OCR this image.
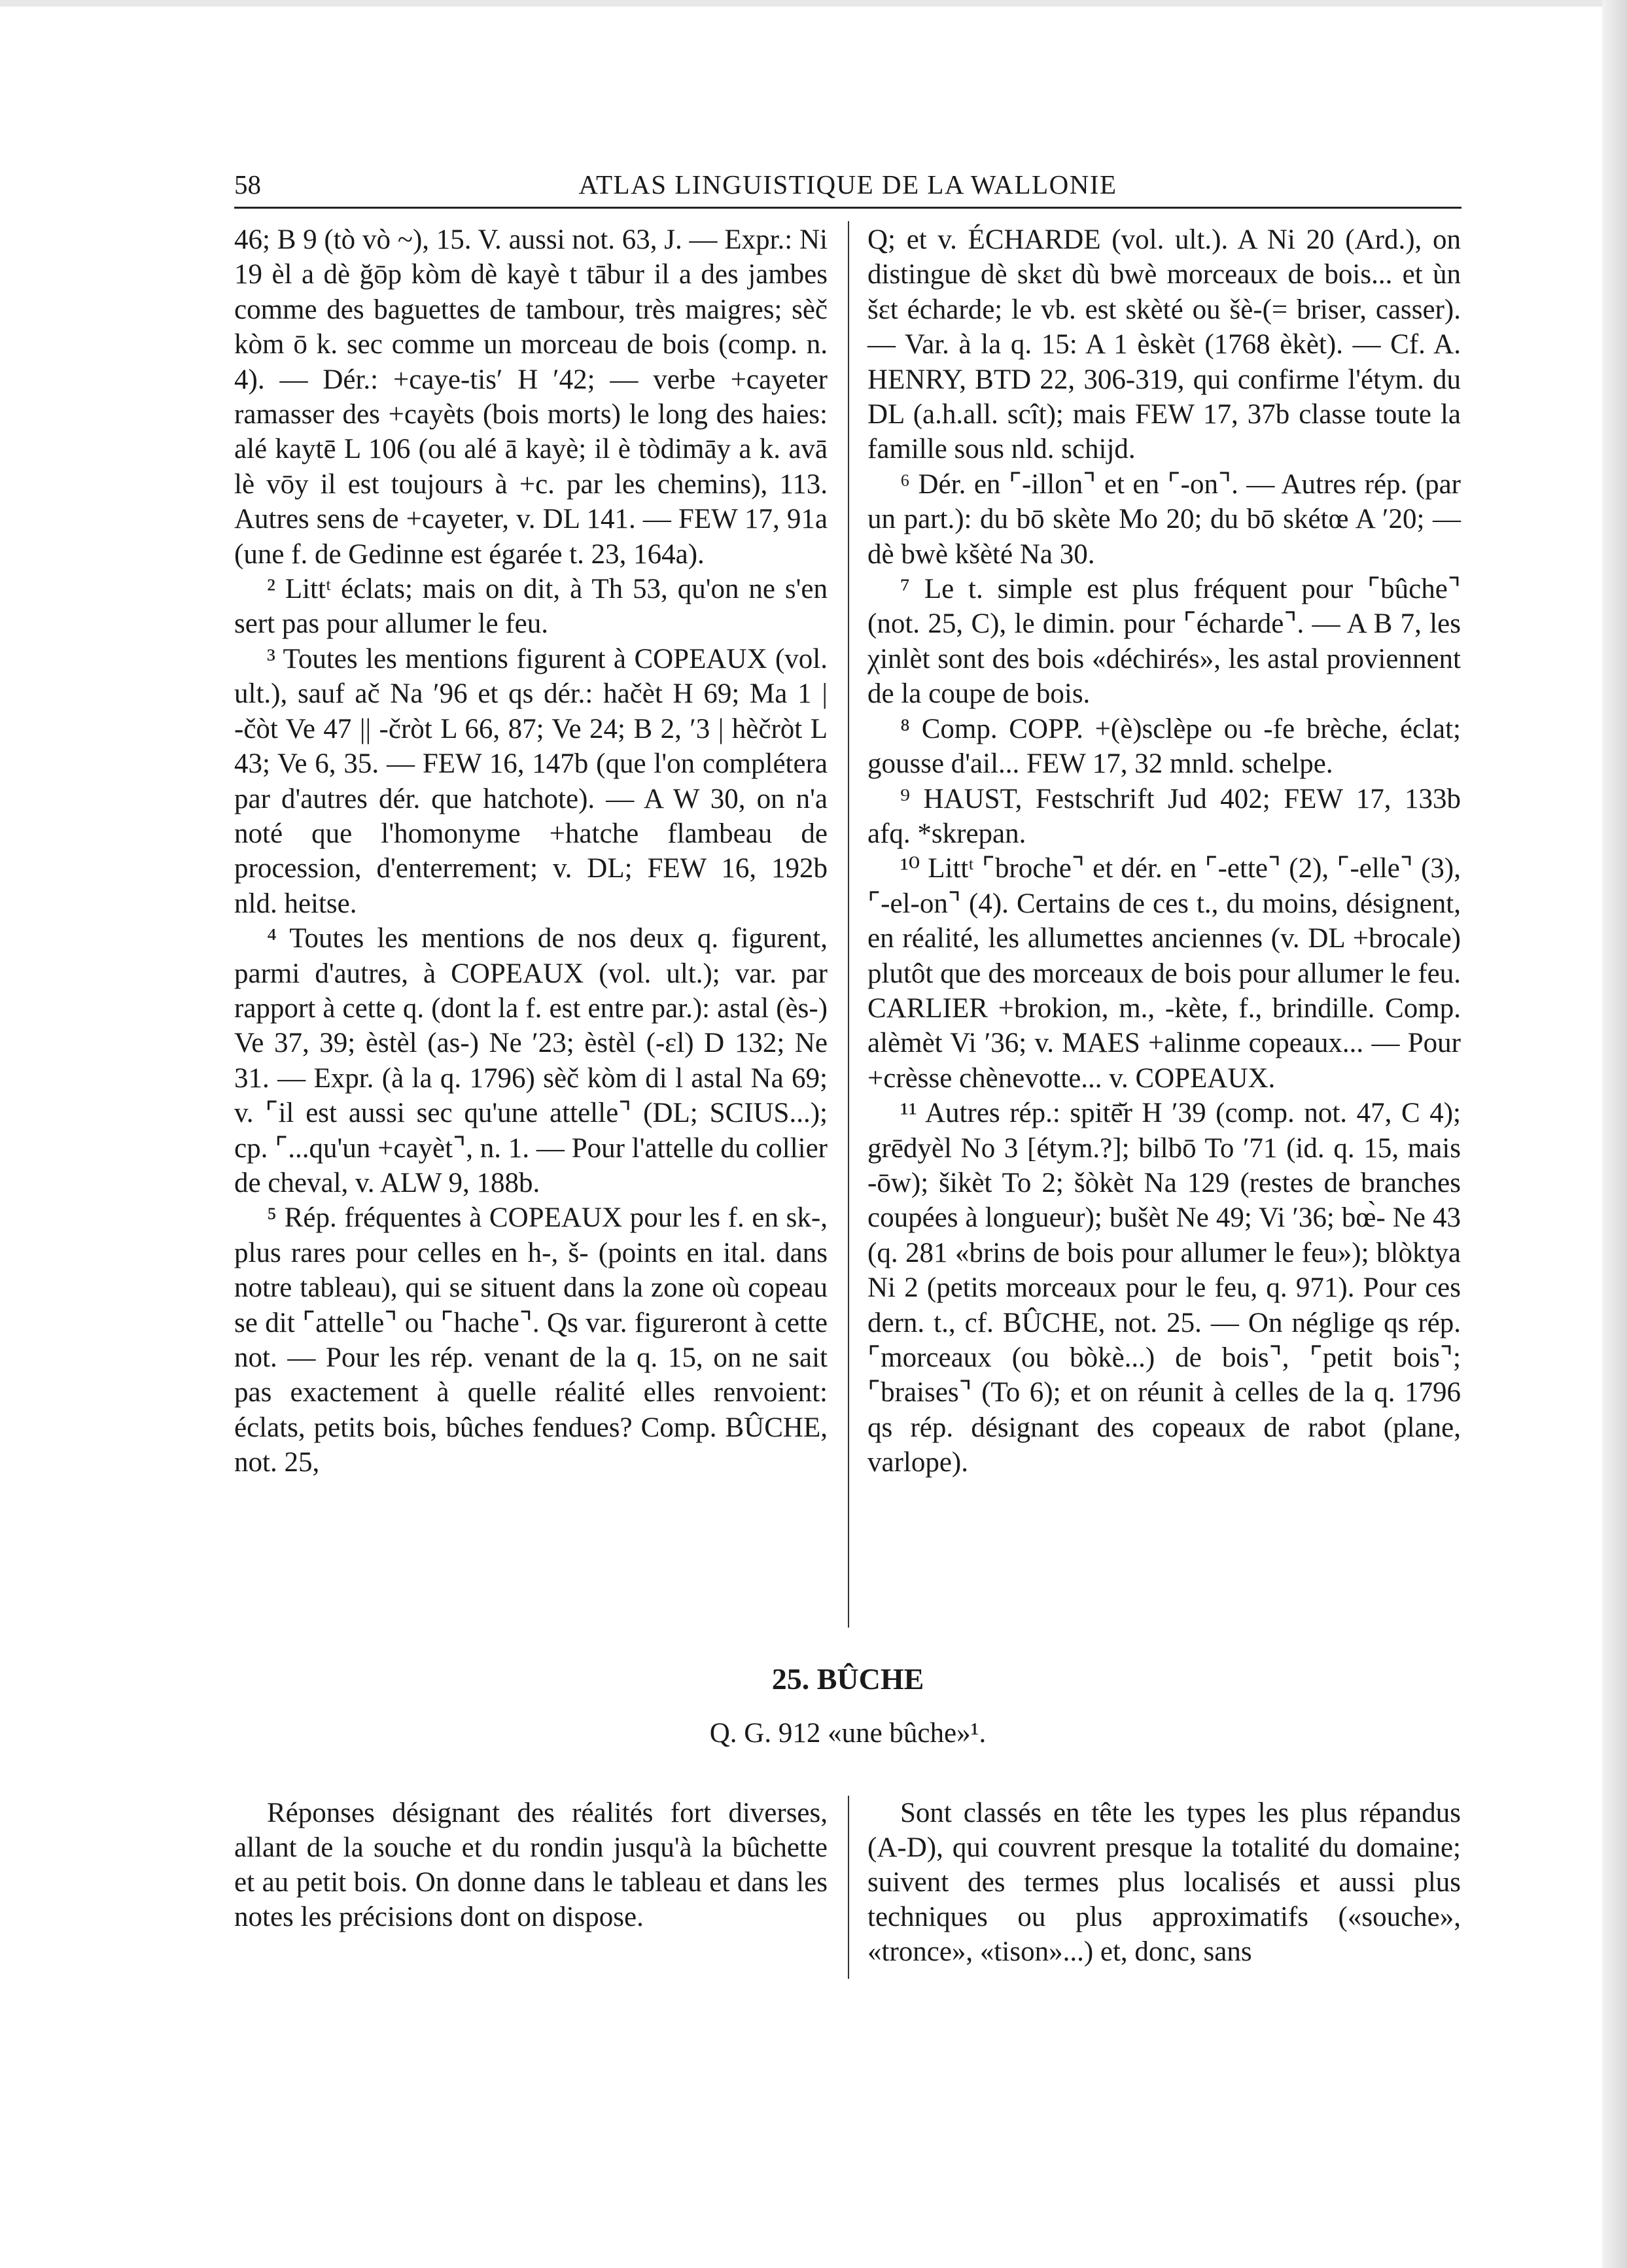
58	ATLAS LINGUISTIQUE DE LA WALLONIE

46; B 9 (tò vò ~), 15. V. aussi not. 63, J. — Expr.: Ni 19 èl a dè ğōp kòm dè kayè t tābur il a des jambes comme des baguettes de tambour, très maigres; sèč kòm ō k. sec comme un morceau de bois (comp. n. 4). — Dér.: +caye-tis′ H ′42; — verbe +cayeter ramasser des +cayèts (bois morts) le long des haies: alé kaytē L 106 (ou alé ā kayè; il è tòdimāy a k. avā lè vōy il est toujours à +c. par les chemins), 113. Autres sens de +cayeter, v. DL 141. — FEW 17, 91a (une f. de Gedinne est égarée t. 23, 164a).

² Littᵗ éclats; mais on dit, à Th 53, qu'on ne s'en sert pas pour allumer le feu.

³ Toutes les mentions figurent à COPEAUX (vol. ult.), sauf ač Na ′96 et qs dér.: hačèt H 69; Ma 1 | -čòt Ve 47 || -čròt L 66, 87; Ve 24; B 2, ′3 | hèčròt L 43; Ve 6, 35. — FEW 16, 147b (que l'on complétera par d'autres dér. que hatchote). — A W 30, on n'a noté que l'homonyme +hatche flambeau de procession, d'enterrement; v. DL; FEW 16, 192b nld. heitse.

⁴ Toutes les mentions de nos deux q. figurent, parmi d'autres, à COPEAUX (vol. ult.); var. par rapport à cette q. (dont la f. est entre par.): astal (ès-) Ve 37, 39; èstèl (as-) Ne ′23; èstèl (-ɛl) D 132; Ne 31. — Expr. (à la q. 1796) sèč kòm di l astal Na 69; v. ⌜il est aussi sec qu'une attelle⌝ (DL; SCIUS...); cp. ⌜...qu'un +cayèt⌝, n. 1. — Pour l'attelle du collier de cheval, v. ALW 9, 188b.

⁵ Rép. fréquentes à COPEAUX pour les f. en sk-, plus rares pour celles en h-, š- (points en ital. dans notre tableau), qui se situent dans la zone où copeau se dit ⌜attelle⌝ ou ⌜hache⌝. Qs var. figureront à cette not. — Pour les rép. venant de la q. 15, on ne sait pas exactement à quelle réalité elles renvoient: éclats, petits bois, bûches fendues? Comp. BÛCHE, not. 25,

Q; et v. ÉCHARDE (vol. ult.). A Ni 20 (Ard.), on distingue dè skɛt dù bwè morceaux de bois... et ùn šɛt écharde; le vb. est skèté ou šè-(= briser, casser). — Var. à la q. 15: A 1 èskèt (1768 èkèt). — Cf. A. HENRY, BTD 22, 306-319, qui confirme l'étym. du DL (a.h.all. scît); mais FEW 17, 37b classe toute la famille sous nld. schijd.

⁶ Dér. en ⌜-illon⌝ et en ⌜-on⌝. — Autres rép. (par un part.): du bō skète Mo 20; du bō skétœ A ′20; — dè bwè kšèté Na 30.

⁷ Le t. simple est plus fréquent pour ⌜bûche⌝ (not. 25, C), le dimin. pour ⌜écharde⌝. — A B 7, les χinlèt sont des bois «déchirés», les astal proviennent de la coupe de bois.

⁸ Comp. COPP. +(è)sclèpe ou -fe brèche, éclat; gousse d'ail... FEW 17, 32 mnld. schelpe.

⁹ HAUST, Festschrift Jud 402; FEW 17, 133b afq. *skrepan.

¹⁰ Littᵗ ⌜broche⌝ et dér. en ⌜-ette⌝ (2), ⌜-elle⌝ (3), ⌜-el-on⌝ (4). Certains de ces t., du moins, désignent, en réalité, les allumettes anciennes (v. DL +brocale) plutôt que des morceaux de bois pour allumer le feu. CARLIER +brokion, m., -kète, f., brindille. Comp. alèmèt Vi ′36; v. MAES +alinme copeaux... — Pour +crèsse chènevotte... v. COPEAUX.

¹¹ Autres rép.: spitē̆r H ′39 (comp. not. 47, C 4); grēdyèl No 3 [étym.?]; bilbō To ′71 (id. q. 15, mais -ōw); šikèt To 2; šòkèt Na 129 (restes de branches coupées à longueur); bušèt Ne 49; Vi ′36; bœ̀- Ne 43 (q. 281 «brins de bois pour allumer le feu»); blòktya Ni 2 (petits morceaux pour le feu, q. 971). Pour ces dern. t., cf. BÛCHE, not. 25. — On néglige qs rép. ⌜morceaux (ou bòkè...) de bois⌝, ⌜petit bois⌝; ⌜braises⌝ (To 6); et on réunit à celles de la q. 1796 qs rép. désignant des copeaux de rabot (plane, varlope).

25. BÛCHE
Q. G. 912 «une bûche»¹.

Réponses désignant des réalités fort diverses, allant de la souche et du rondin jusqu'à la bûchette et au petit bois. On donne dans le tableau et dans les notes les précisions dont on dispose.

Sont classés en tête les types les plus répandus (A-D), qui couvrent presque la totalité du domaine; suivent des termes plus localisés et aussi plus techniques ou plus approximatifs («souche», «tronce», «tison»...) et, donc, sans
